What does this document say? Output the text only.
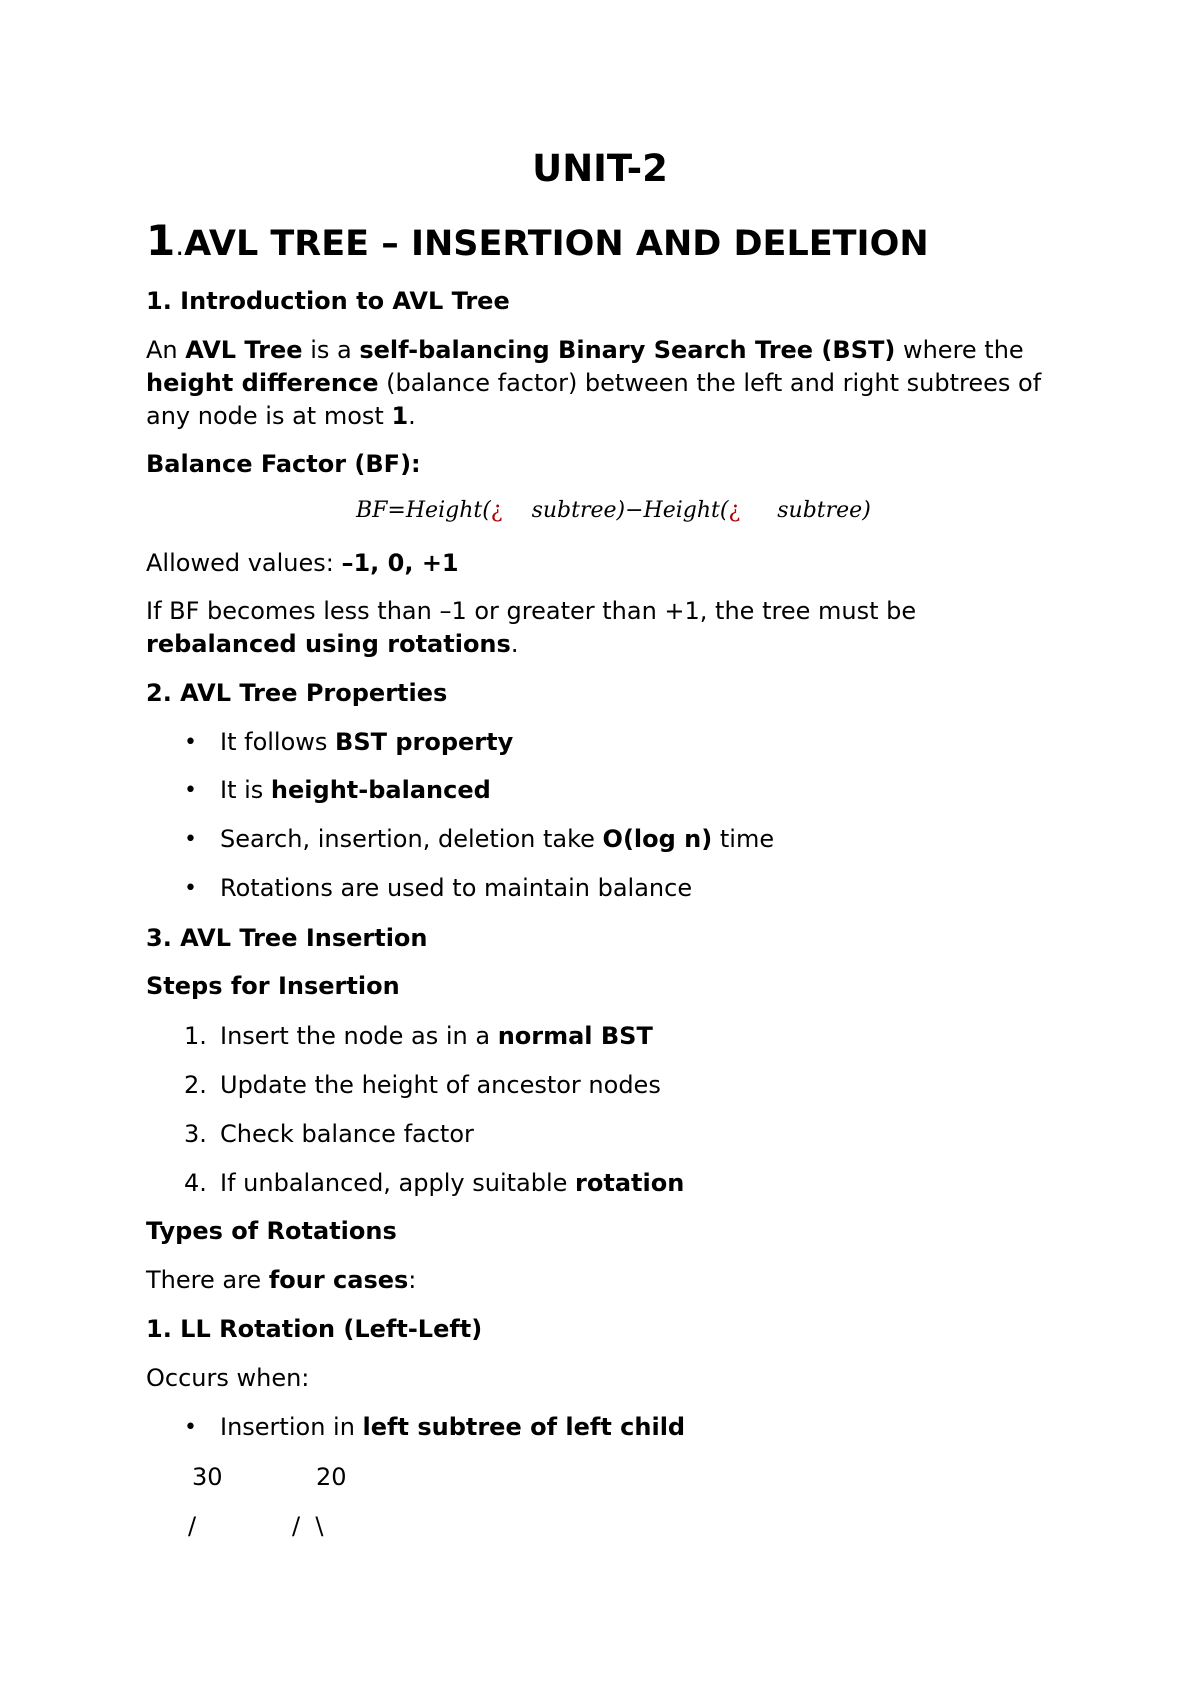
UNIT-2
1.AVL TREE – INSERTION AND DELETION
1. Introduction to AVL Tree
An AVL Tree is a self-balancing Binary Search Tree (BST) where the
height difference (balance factor) between the left and right subtrees of
any node is at most 1.
Balance Factor (BF):
BF=Height(¿ subtree)−Height(¿ subtree)
Allowed values: –1, 0, +1
If BF becomes less than –1 or greater than +1, the tree must be
rebalanced using rotations.
2. AVL Tree Properties
• It follows BST property
• It is height-balanced
• Search, insertion, deletion take O(log n) time
• Rotations are used to maintain balance
3. AVL Tree Insertion
Steps for Insertion
1. Insert the node as in a normal BST
2. Update the height of ancestor nodes
3. Check balance factor
4. If unbalanced, apply suitable rotation
Types of Rotations
There are four cases:
1. LL Rotation (Left-Left)
Occurs when:
• Insertion in left subtree of left child
30	20
/	/  \
